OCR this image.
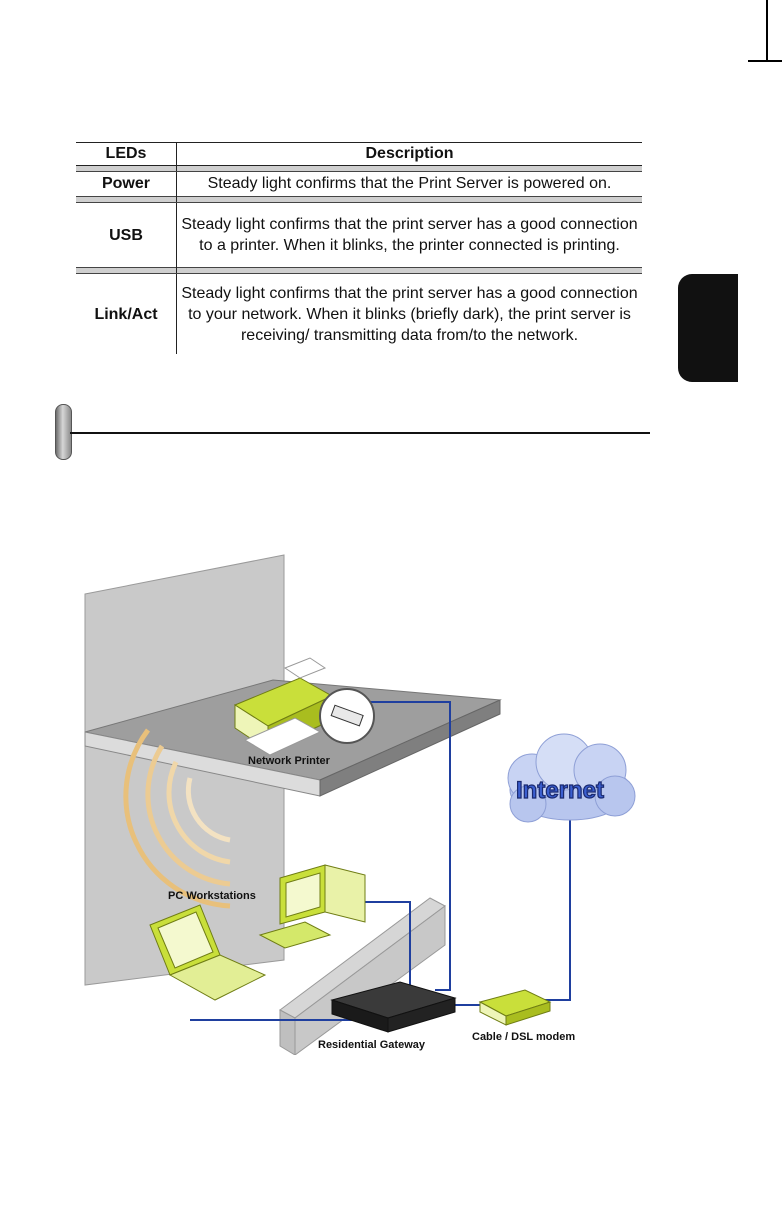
LEDs	Description

Power	Steady light confirms that the Print Server is powered on.

USB	Steady light confirms that the print server has a good connection to a printer. When it blinks, the printer connected is printing.

Link/Act	Steady light confirms that the print server has a good connection to your network. When it blinks (briefly dark), the print server is receiving/ transmitting data from/to the network.
Network Printer
PC Workstations
Residential Gateway
Cable / DSL modem
Internet
